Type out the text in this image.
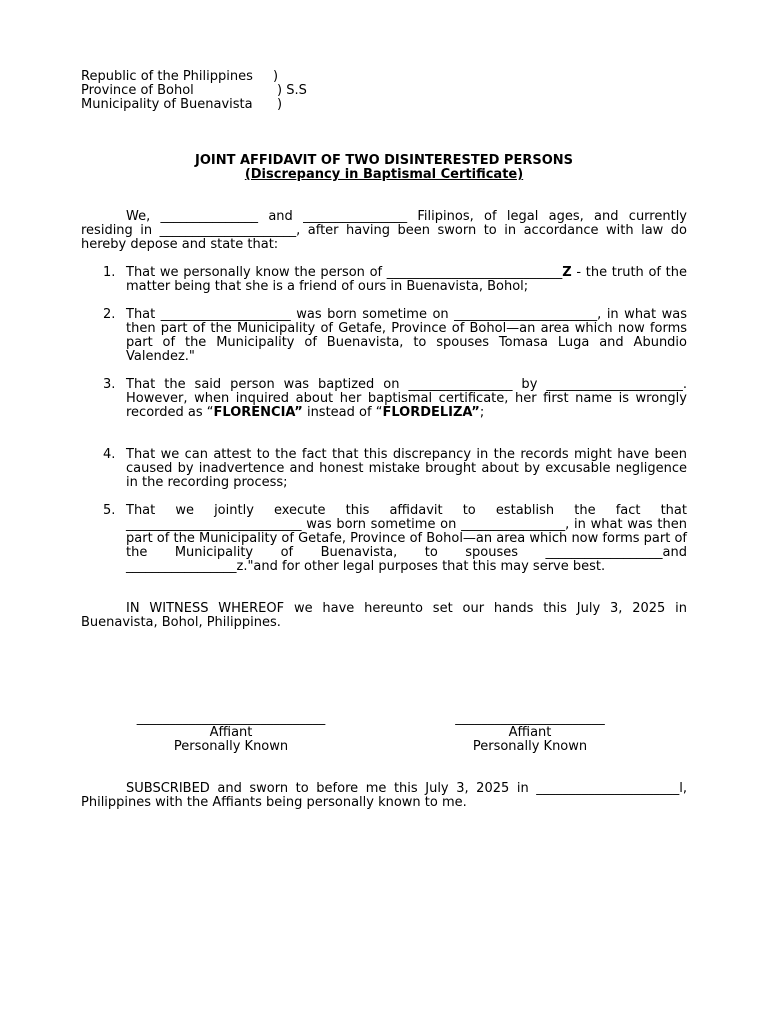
Republic of the Philippines )
Province of Bohol	) S.S
Municipality of Buenavista )
JOINT AFFIDAVIT OF TWO DISINTERESTED PERSONS
(Discrepancy in Baptismal Certificate)
We, _______________ and ________________ Filipinos, of legal ages, and currently residing in _____________________, after having been sworn to in accordance with law do hereby depose and state that:
1. That we personally know the person of ___________________________Z - the truth of the matter being that she is a friend of ours in Buenavista, Bohol;
2. That ____________________ was born sometime on ______________________, in what was then part of the Municipality of Getafe, Province of Bohol—an area which now forms part of the Municipality of Buenavista, to spouses Tomasa Luga and Abundio Valendez."
3. That the said person was baptized on ________________ by _____________________. However, when inquired about her baptismal certificate, her first name is wrongly recorded as “FLORENCIA” instead of “FLORDELIZA”;
4. That we can attest to the fact that this discrepancy in the records might have been caused by inadvertence and honest mistake brought about by excusable negligence in the recording process;
5. That we jointly execute this affidavit to establish the fact that ___________________________ was born sometime on ________________, in what was then part of the Municipality of Getafe, Province of Bohol—an area which now forms part of the Municipality of Buenavista, to spouses __________________and _________________z."and for other legal purposes that this may serve best.
IN WITNESS WHEREOF we have hereunto set our hands this July 3, 2025 in Buenavista, Bohol, Philippines.
_____________________________
Affiant
Personally Known
_______________________
Affiant
Personally Known
SUBSCRIBED and sworn to before me this July 3, 2025 in ______________________l, Philippines with the Affiants being personally known to me.
